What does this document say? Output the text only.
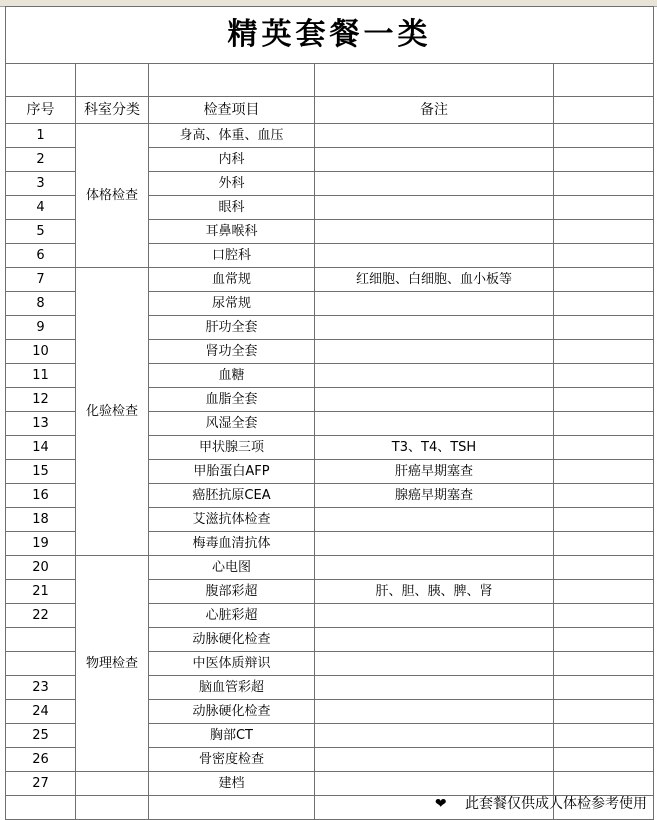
精英套餐一类				

序号	科室分类	检查项目	备注	
1	体格检查	身高、体重、血压		
2		内科		
3		外科		
4		眼科		
5		耳鼻喉科		
6		口腔科		
7	化验检查	血常规	红细胞、白细胞、血小板等	
8		尿常规		
9		肝功全套		
10		肾功全套		
11		血糖		
12		血脂全套		
13		风湿全套		
14		甲状腺三项	T3、T4、TSH	
15		甲胎蛋白AFP	肝癌早期塞查	
16		癌胚抗原CEA	腺癌早期塞查	
18		艾滋抗体检查		
19		梅毒血清抗体		
20	物理检查	心电图		
21		腹部彩超	肝、胆、胰、脾、肾	
22		心脏彩超		
		动脉硬化检查		
		中医体质辩识		
23		脑血管彩超		
24		动脉硬化检查		
25		胸部CT		
26		骨密度检查		
27		建档		

❤ 此套餐仅供成人体检参考使用
